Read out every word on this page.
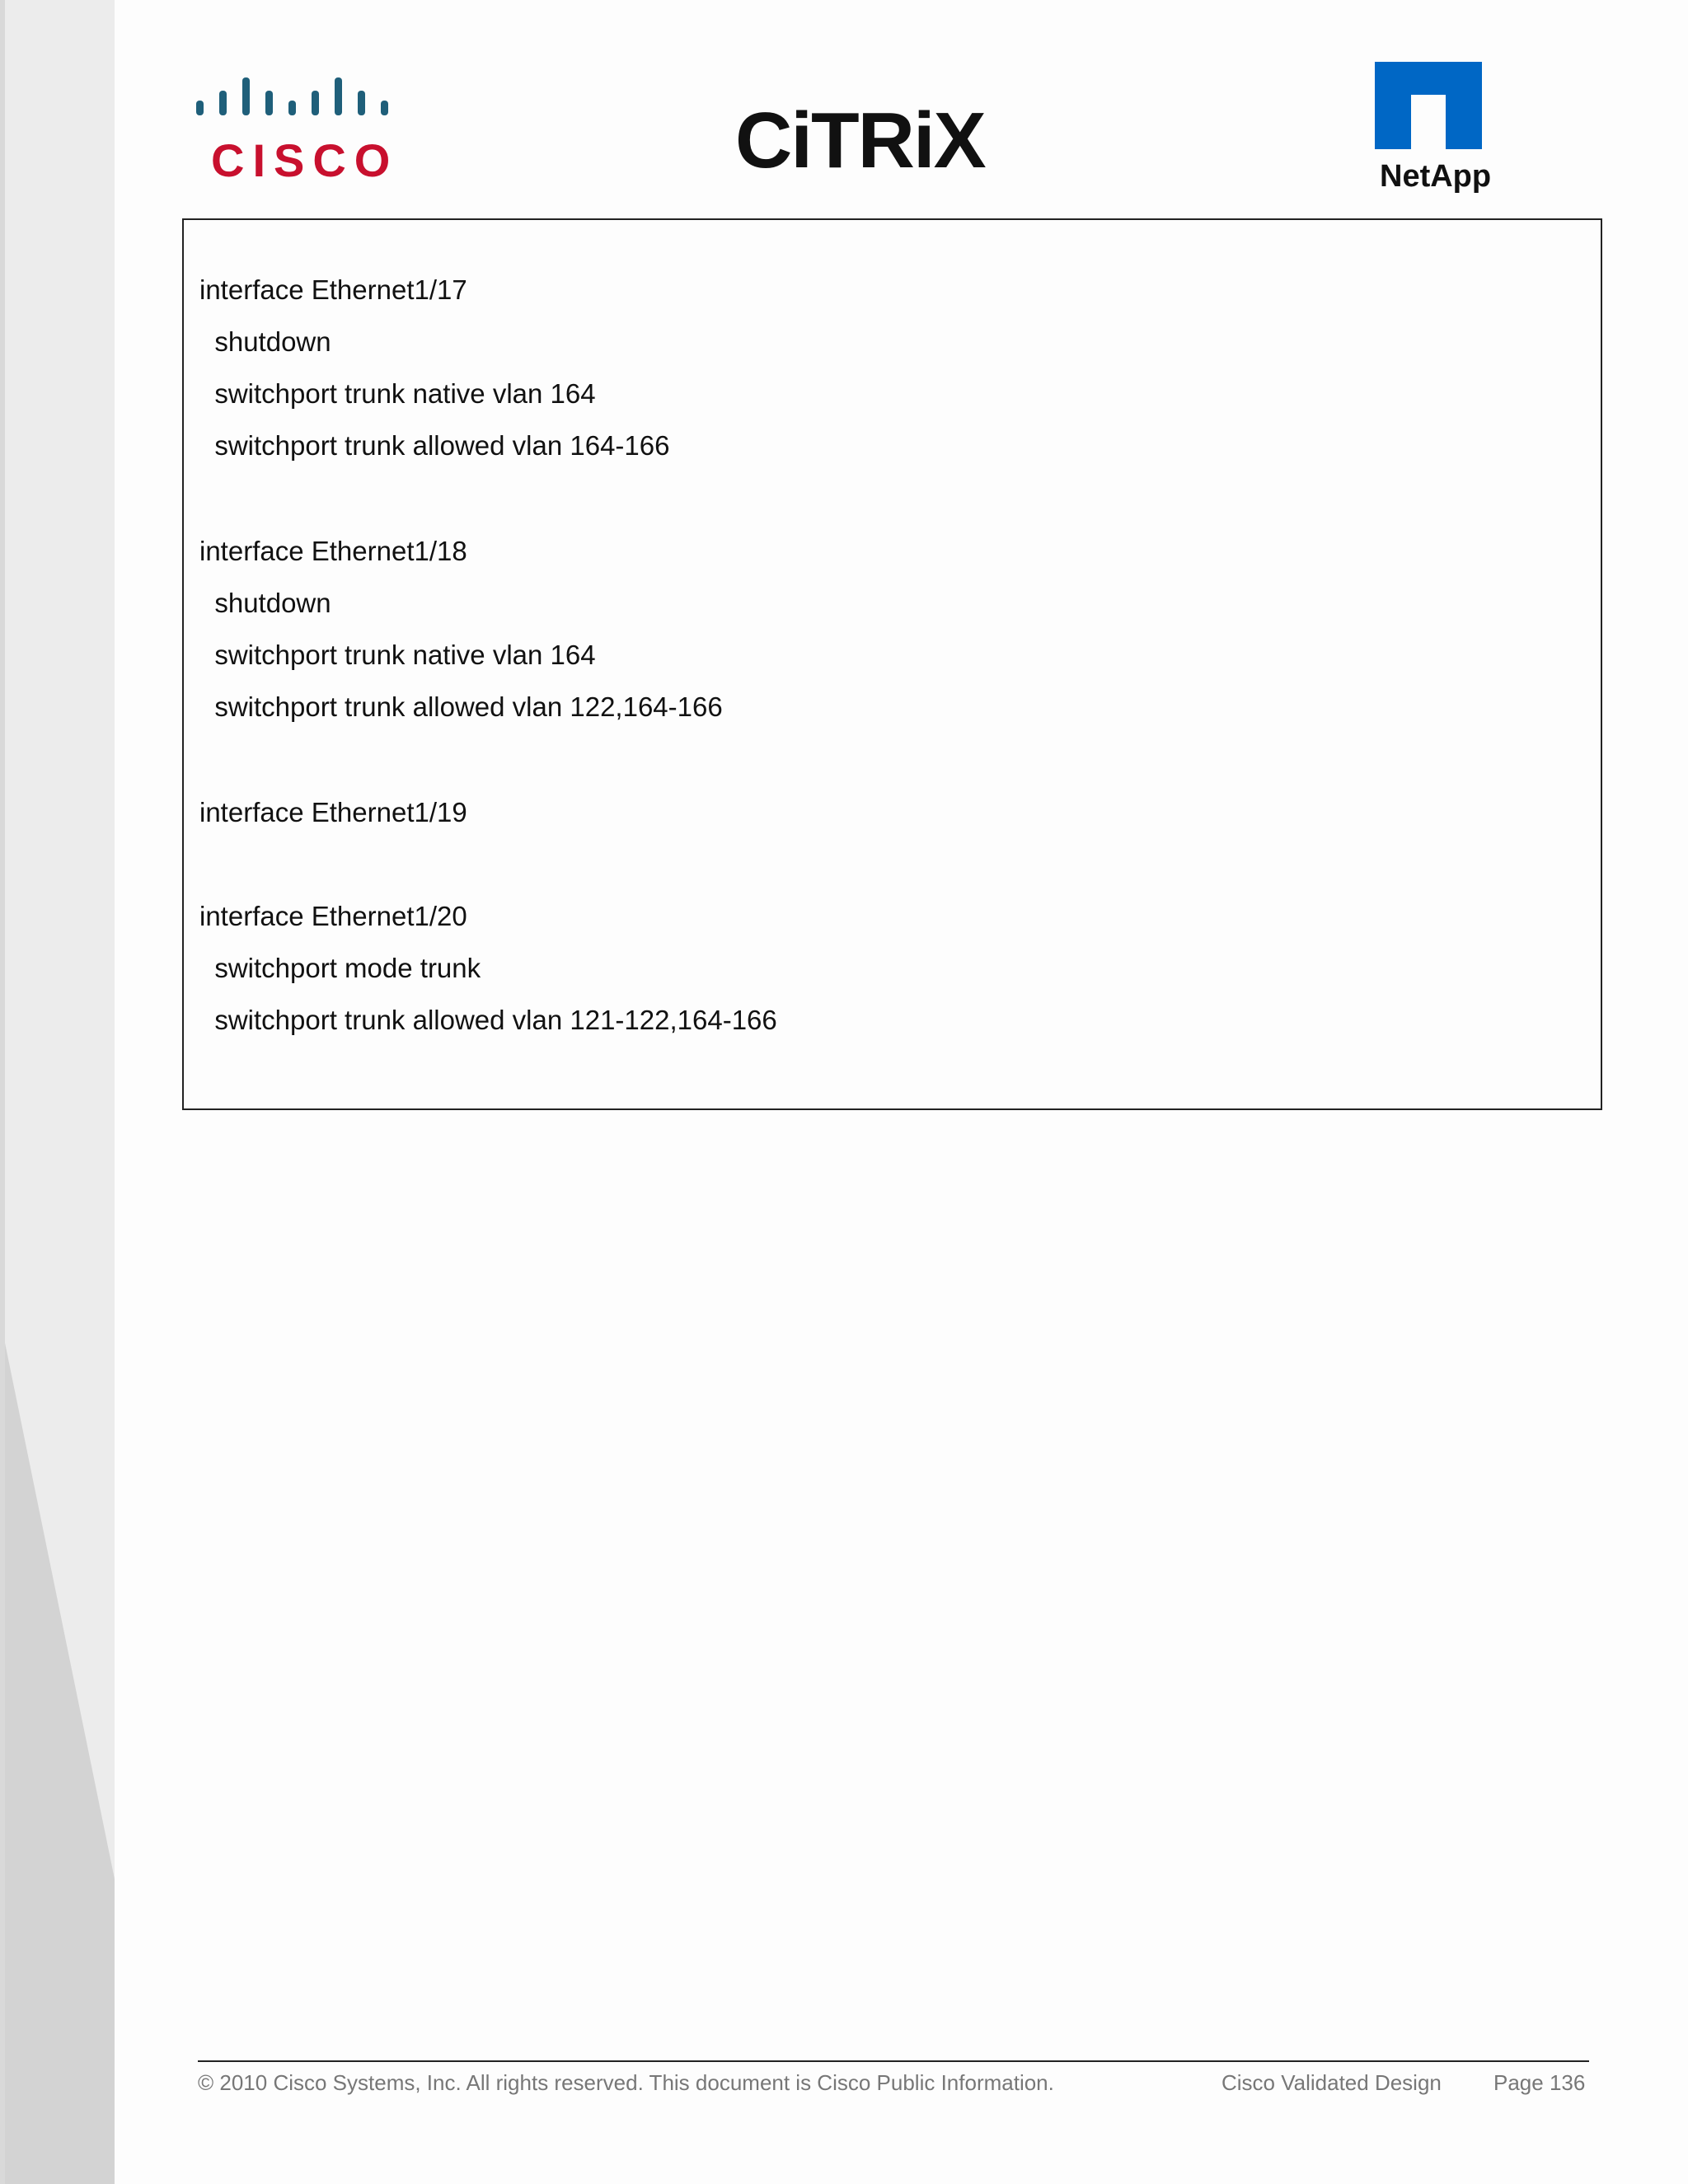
CISCO	CiTRiX	NetApp
interface Ethernet1/17
shutdown
switchport trunk native vlan 164
switchport trunk allowed vlan 164-166
interface Ethernet1/18
shutdown
switchport trunk native vlan 164
switchport trunk allowed vlan 122,164-166
interface Ethernet1/19
interface Ethernet1/20
switchport mode trunk
switchport trunk allowed vlan 121-122,164-166
© 2010 Cisco Systems, Inc. All rights reserved. This document is Cisco Public Information.	Cisco Validated Design Page 136
